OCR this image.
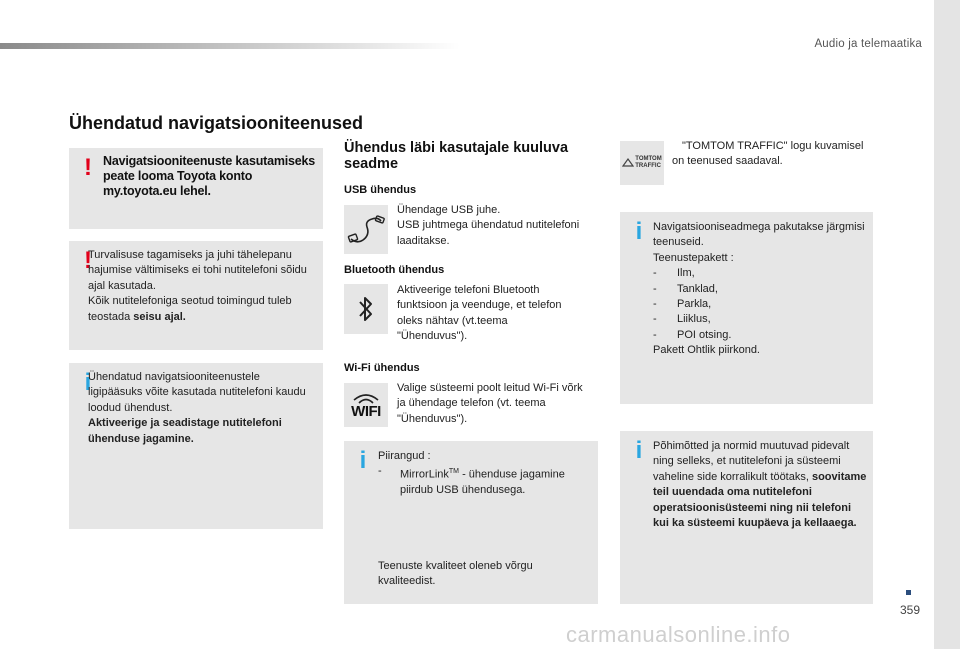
Audio ja telemaatika
Ühendatud navigatsiooniteenused
! Navigatsiooniteenuste kasutamiseks peate looma Toyota konto my.toyota.eu lehel.
!
Turvalisuse tagamiseks ja juhi tähelepanu hajumise vältimiseks ei tohi nutitelefoni sõidu ajal kasutada.
Kõik nutitelefoniga seotud toimingud tuleb teostada seisu ajal.
i
Ühendatud navigatsiooniteenustele ligipääsuks võite kasutada nutitelefoni kaudu loodud ühendust.
Aktiveerige ja seadistage nutitelefoni ühenduse jagamine.
Ühendus läbi kasutajale kuuluva seadme
USB ühendus
Ühendage USB juhe.
USB juhtmega ühendatud nutitelefoni laaditakse.
Bluetooth ühendus
Aktiveerige telefoni Bluetooth funktsioon ja veenduge, et telefon oleks nähtav (vt.teema "Ühenduvus").
Wi-Fi ühendus
WIFI
Valige süsteemi poolt leitud Wi-Fi võrk ja ühendage telefon (vt. teema "Ühenduvus").
i	Piirangud :
-	MirrorLink™ - ühenduse jagamine piirdub USB ühendusega.
Teenuste kvaliteet oleneb võrgu kvaliteedist.
TOMTOM
TRAFFIC
"TOMTOM TRAFFIC" logu kuvamisel on teenused saadaval.
i Navigatsiooniseadmega pakutakse järgmisi teenuseid.
Teenustepakett :
-	Ilm,
-	Tanklad,
-	Parkla,
-	Liiklus,
-	POI otsing.
Pakett Ohtlik piirkond.
i Põhimõtted ja normid muutuvad pidevalt ning selleks, et nutitelefoni ja süsteemi vaheline side korralikult töötaks, soovitame teil uuendada oma nutitelefoni operatsioonisüsteemi ning nii telefoni kui ka süsteemi kuupäeva ja kellaaega.
359
carmanualsonline.info
